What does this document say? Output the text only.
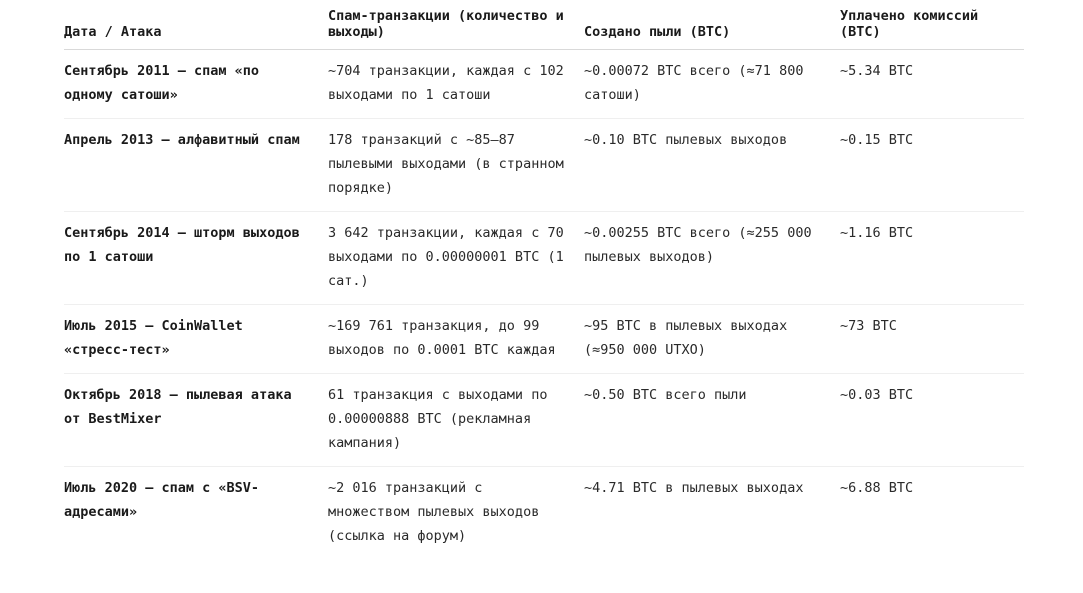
Дата / Атака	Спам-транзакции (количество и выходы)	Создано пыли (BTC)	Уплачено комиссий (BTC)
Сентябрь 2011 — спам «по одному сатоши»	~704 транзакции, каждая с 102 выходами по 1 сатоши	~0.00072 BTC всего (≈71 800 сатоши)	~5.34 BTC
Апрель 2013 — алфавитный спам	178 транзакций с ~85–87 пылевыми выходами (в странном порядке)	~0.10 BTC пылевых выходов	~0.15 BTC
Сентябрь 2014 — шторм выходов по 1 сатоши	3 642 транзакции, каждая с 70 выходами по 0.00000001 BTC (1 сат.)	~0.00255 BTC всего (≈255 000 пылевых выходов)	~1.16 BTC
Июль 2015 — CoinWallet «стресс-тест»	~169 761 транзакция, до 99 выходов по 0.0001 BTC каждая	~95 BTC в пылевых выходах (≈950 000 UTXO)	~73 BTC
Октябрь 2018 — пылевая атака от BestMixer	61 транзакция с выходами по 0.00000888 BTC (рекламная кампания)	~0.50 BTC всего пыли	~0.03 BTC
Июль 2020 — спам с «BSV-адресами»	~2 016 транзакций с множеством пылевых выходов (ссылка на форум)	~4.71 BTC в пылевых выходах	~6.88 BTC
